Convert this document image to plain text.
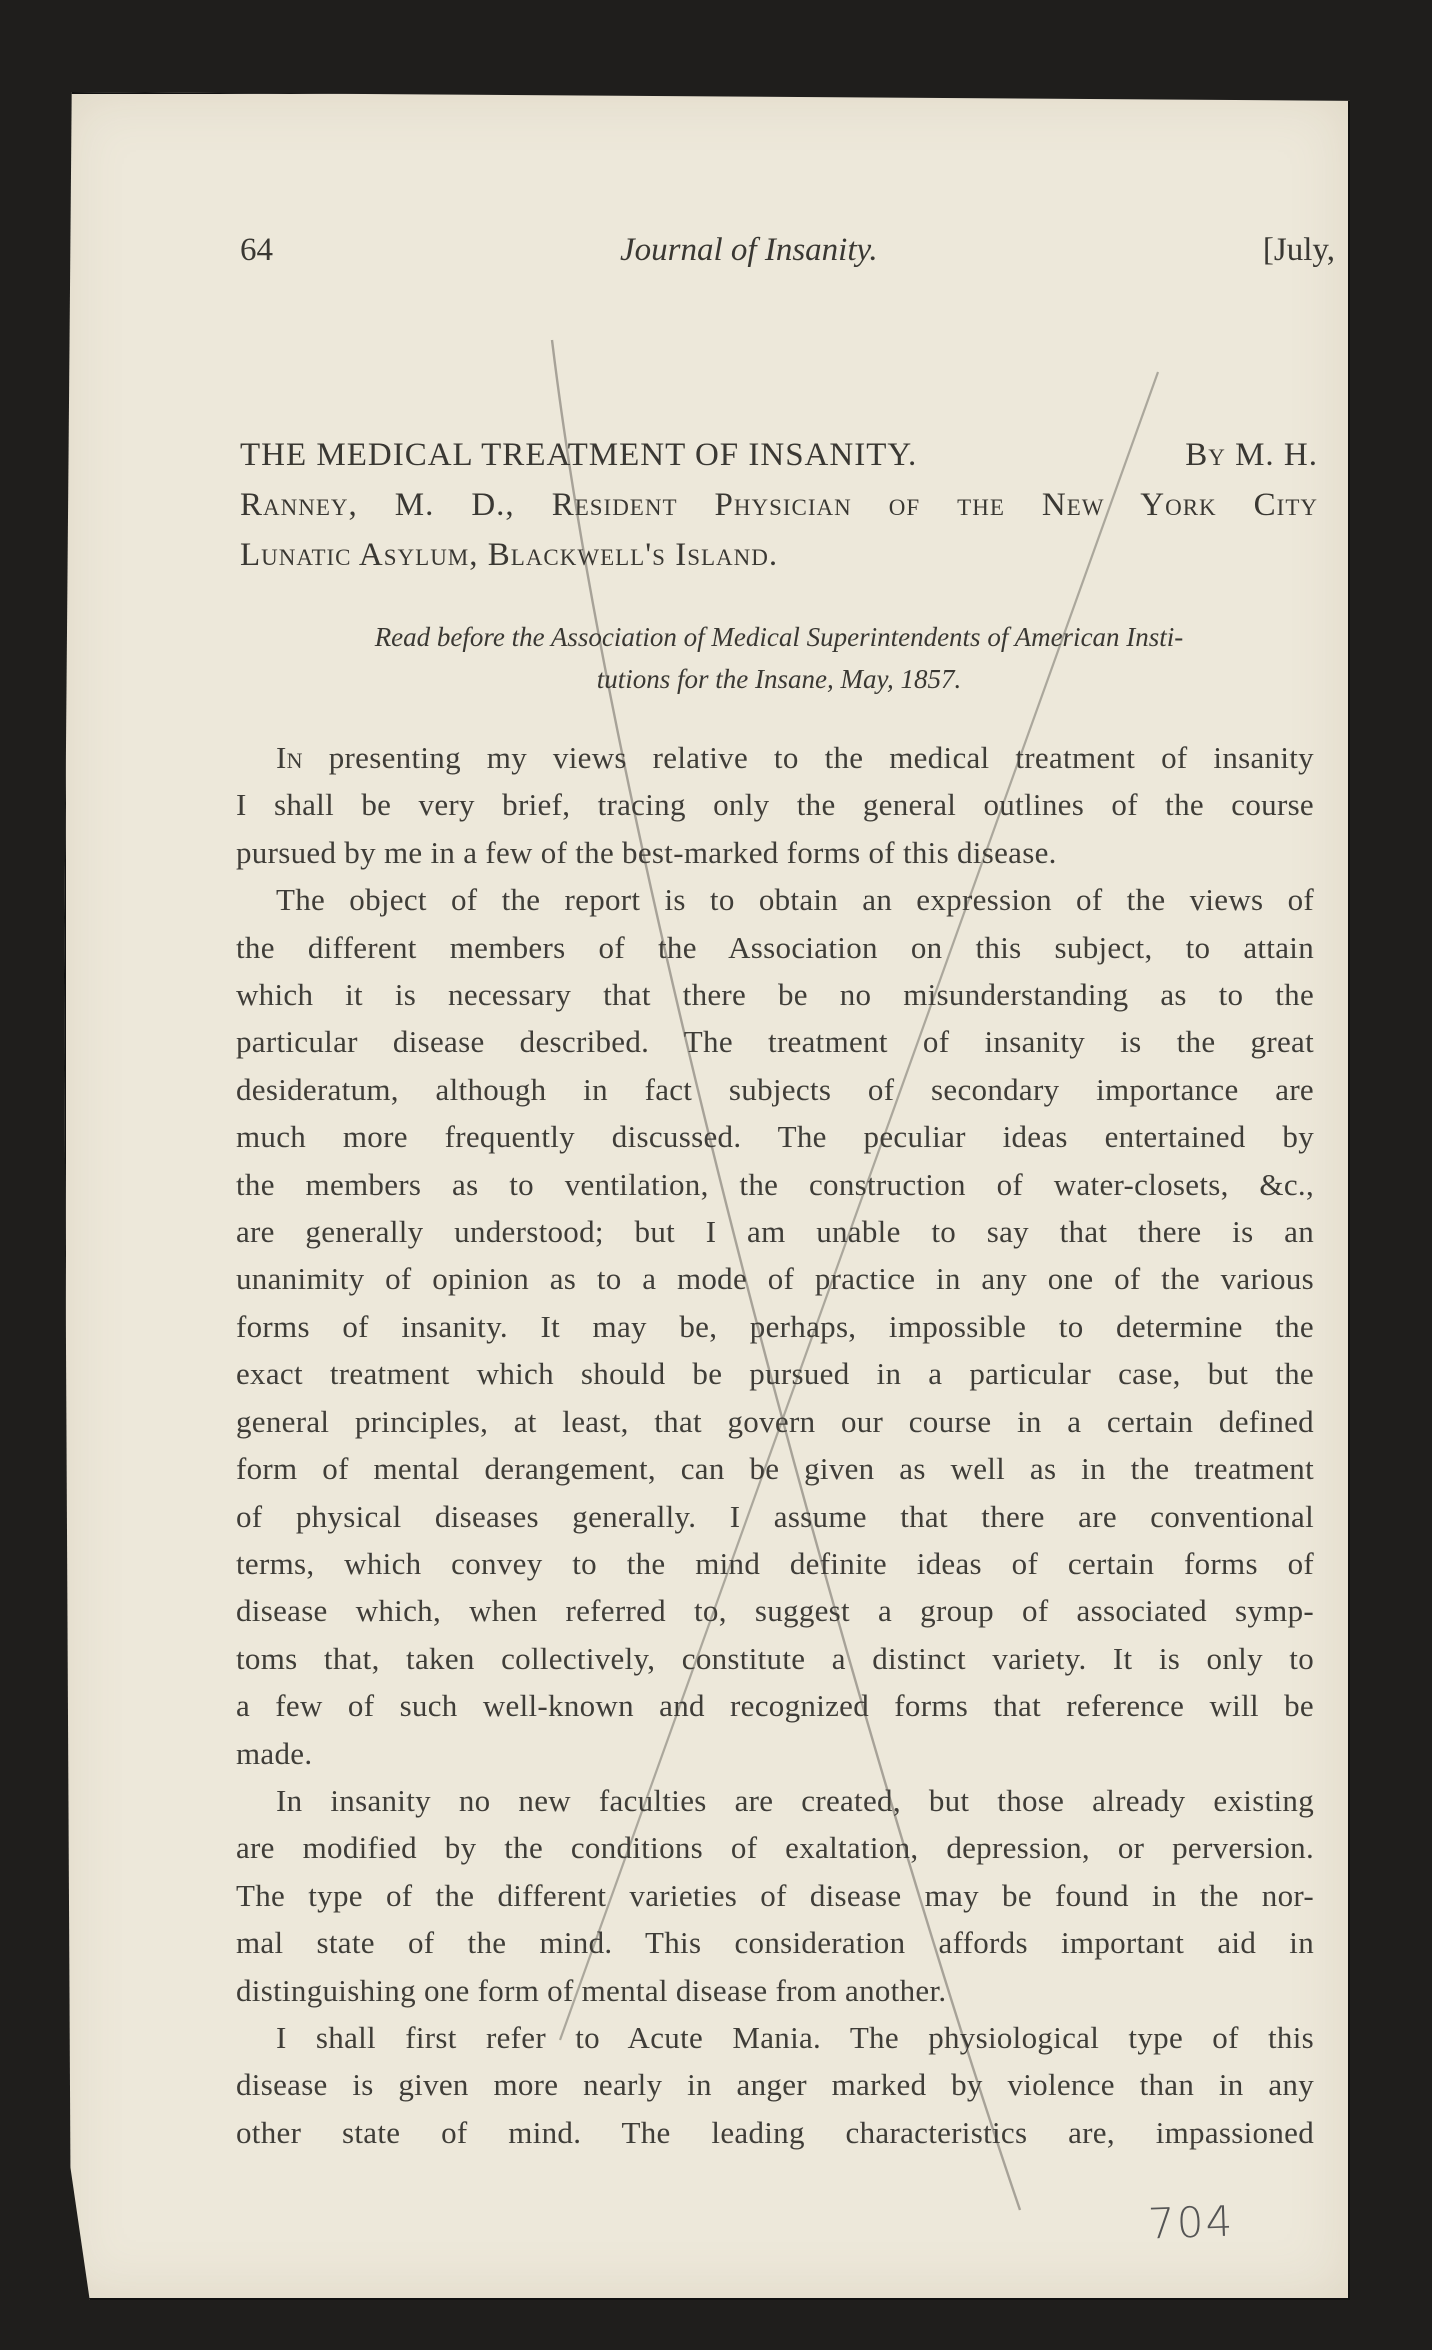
64	Journal of Insanity.	[July,
THE MEDICAL TREATMENT OF INSANITY.	By M. H.
Ranney, M. D., Resident Physician of the New York City
Lunatic Asylum, Blackwell's Island.
Read before the Association of Medical Superintendents of American Insti-
tutions for the Insane, May, 1857.
In presenting my views relative to the medical treatment of insanity
I shall be very brief, tracing only the general outlines of the course
pursued by me in a few of the best-marked forms of this disease.
The object of the report is to obtain an expression of the views of
the different members of the Association on this subject, to attain
which it is necessary that there be no misunderstanding as to the
particular disease described. The treatment of insanity is the great
desideratum, although in fact subjects of secondary importance are
much more frequently discussed. The peculiar ideas entertained by
the members as to ventilation, the construction of water-closets, &c.,
are generally understood; but I am unable to say that there is an
unanimity of opinion as to a mode of practice in any one of the various
forms of insanity. It may be, perhaps, impossible to determine the
exact treatment which should be pursued in a particular case, but the
general principles, at least, that govern our course in a certain defined
form of mental derangement, can be given as well as in the treatment
of physical diseases generally. I assume that there are conventional
terms, which convey to the mind definite ideas of certain forms of
disease which, when referred to, suggest a group of associated symp-
toms that, taken collectively, constitute a distinct variety. It is only to
a few of such well-known and recognized forms that reference will be
made.
In insanity no new faculties are created, but those already existing
are modified by the conditions of exaltation, depression, or perversion.
The type of the different varieties of disease may be found in the nor-
mal state of the mind. This consideration affords important aid in
distinguishing one form of mental disease from another.
I shall first refer to Acute Mania. The physiological type of this
disease is given more nearly in anger marked by violence than in any
other state of mind. The leading characteristics are, impassioned
704
